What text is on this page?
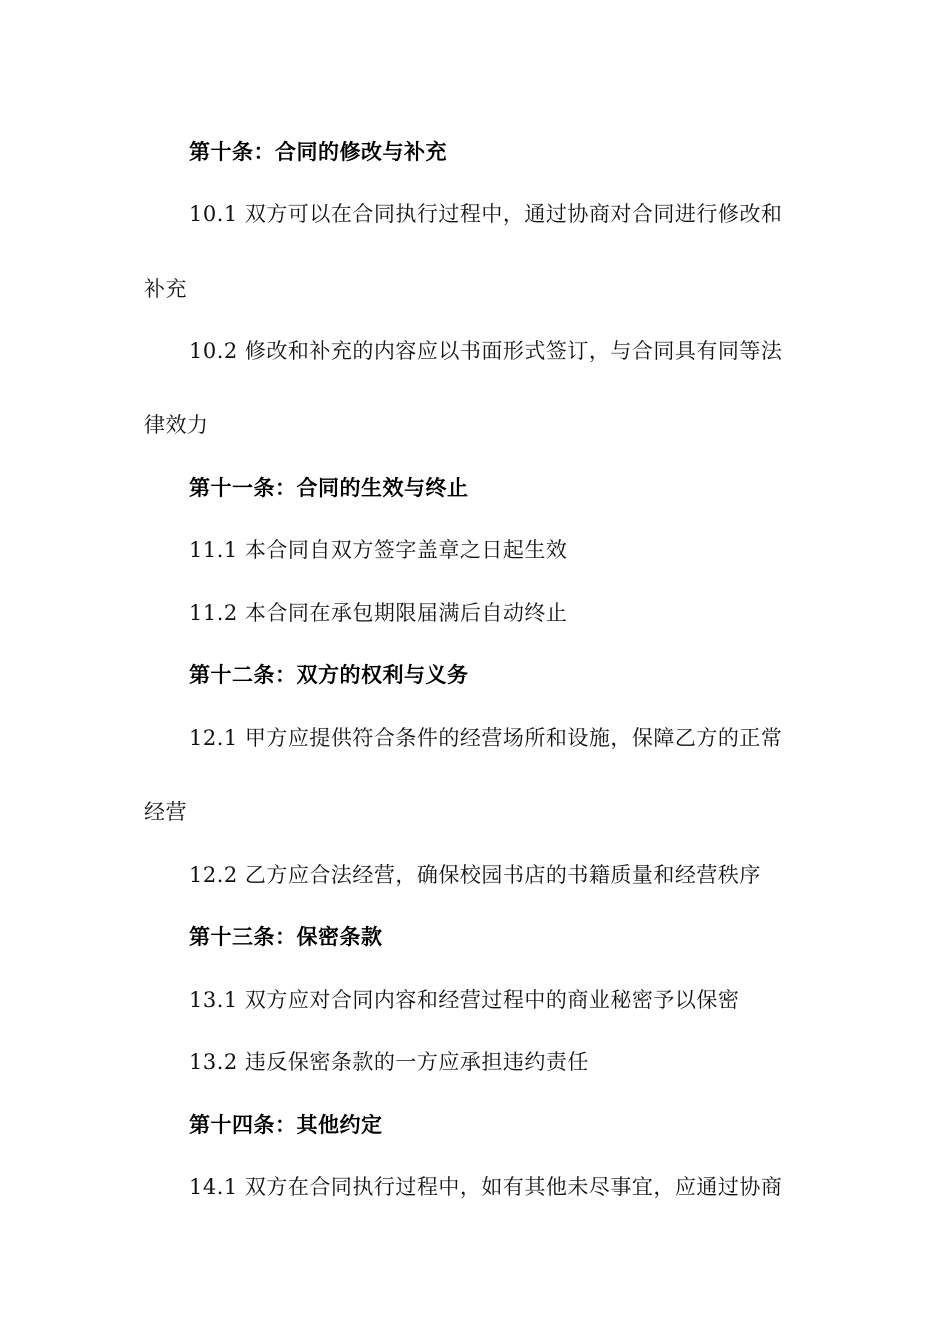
第十条：合同的修改与补充
10.1 双方可以在合同执行过程中，通过协商对合同进行修改和
补充
10.2 修改和补充的内容应以书面形式签订，与合同具有同等法
律效力
第十一条：合同的生效与终止
11.1 本合同自双方签字盖章之日起生效
11.2 本合同在承包期限届满后自动终止
第十二条：双方的权利与义务
12.1 甲方应提供符合条件的经营场所和设施，保障乙方的正常
经营
12.2 乙方应合法经营，确保校园书店的书籍质量和经营秩序
第十三条：保密条款
13.1 双方应对合同内容和经营过程中的商业秘密予以保密
13.2 违反保密条款的一方应承担违约责任
第十四条：其他约定
14.1 双方在合同执行过程中，如有其他未尽事宜，应通过协商
